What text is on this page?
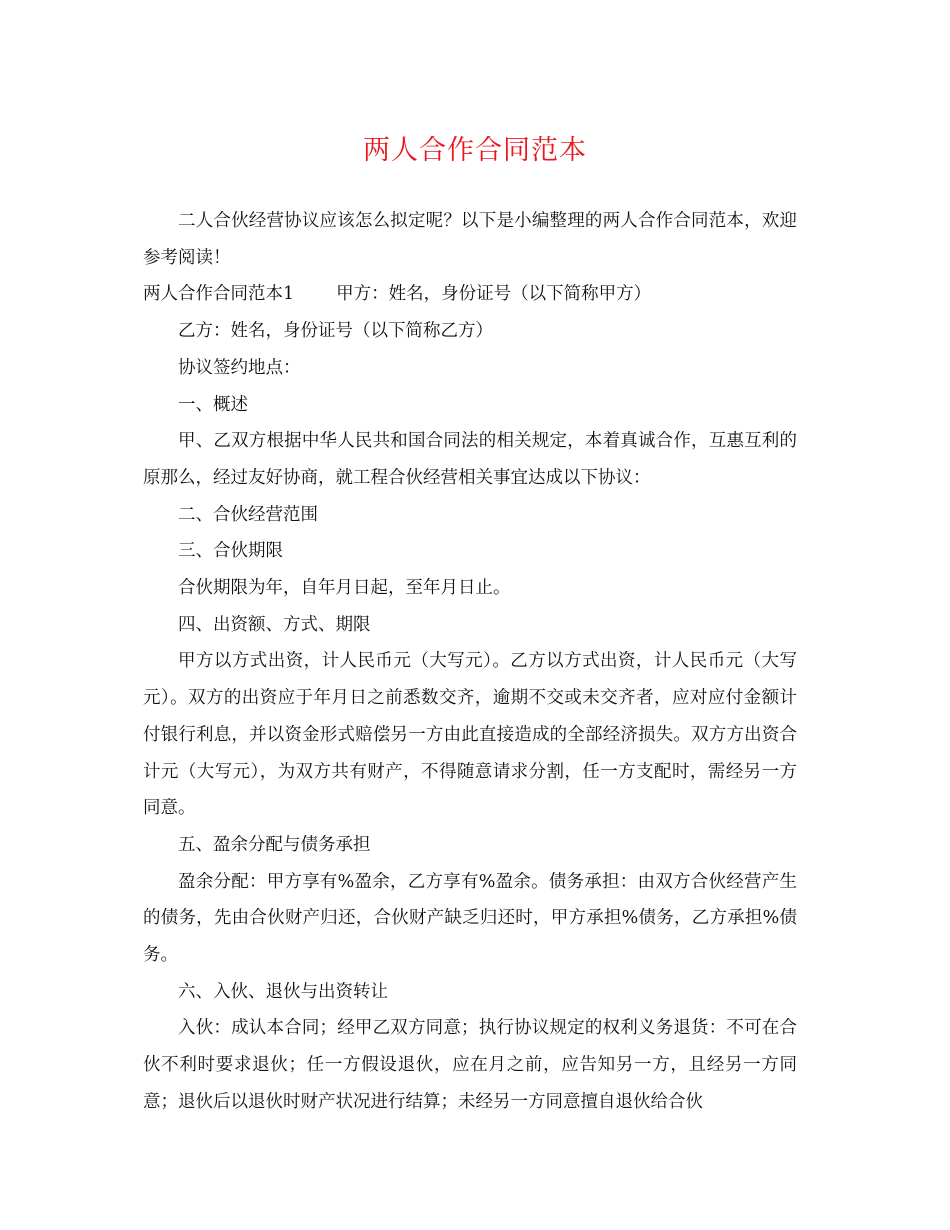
两人合作合同范本

二人合伙经营协议应该怎么拟定呢？以下是小编整理的两人合作合同范本，欢迎参考阅读！

两人合作合同范本1 甲方：姓名，身份证号（以下简称甲方）

乙方：姓名，身份证号（以下简称乙方）

协议签约地点：

一、概述

甲、乙双方根据中华人民共和国合同法的相关规定，本着真诚合作，互惠互利的原那么，经过友好协商，就工程合伙经营相关事宜达成以下协议：

二、合伙经营范围

三、合伙期限

合伙期限为年，自年月日起，至年月日止。

四、出资额、方式、期限

甲方以方式出资，计人民币元（大写元）。乙方以方式出资，计人民币元（大写元）。双方的出资应于年月日之前悉数交齐，逾期不交或未交齐者，应对应付金额计付银行利息，并以资金形式赔偿另一方由此直接造成的全部经济损失。双方方出资合计元（大写元），为双方共有财产，不得随意请求分割，任一方支配时，需经另一方同意。

五、盈余分配与债务承担

盈余分配：甲方享有%盈余，乙方享有%盈余。债务承担：由双方合伙经营产生的债务，先由合伙财产归还，合伙财产缺乏归还时，甲方承担%债务，乙方承担%债务。

六、入伙、退伙与出资转让

入伙：成认本合同；经甲乙双方同意；执行协议规定的权利义务退货：不可在合伙不利时要求退伙；任一方假设退伙，应在月之前，应告知另一方，且经另一方同意；退伙后以退伙时财产状况进行结算；未经另一方同意擅自退伙给合伙
